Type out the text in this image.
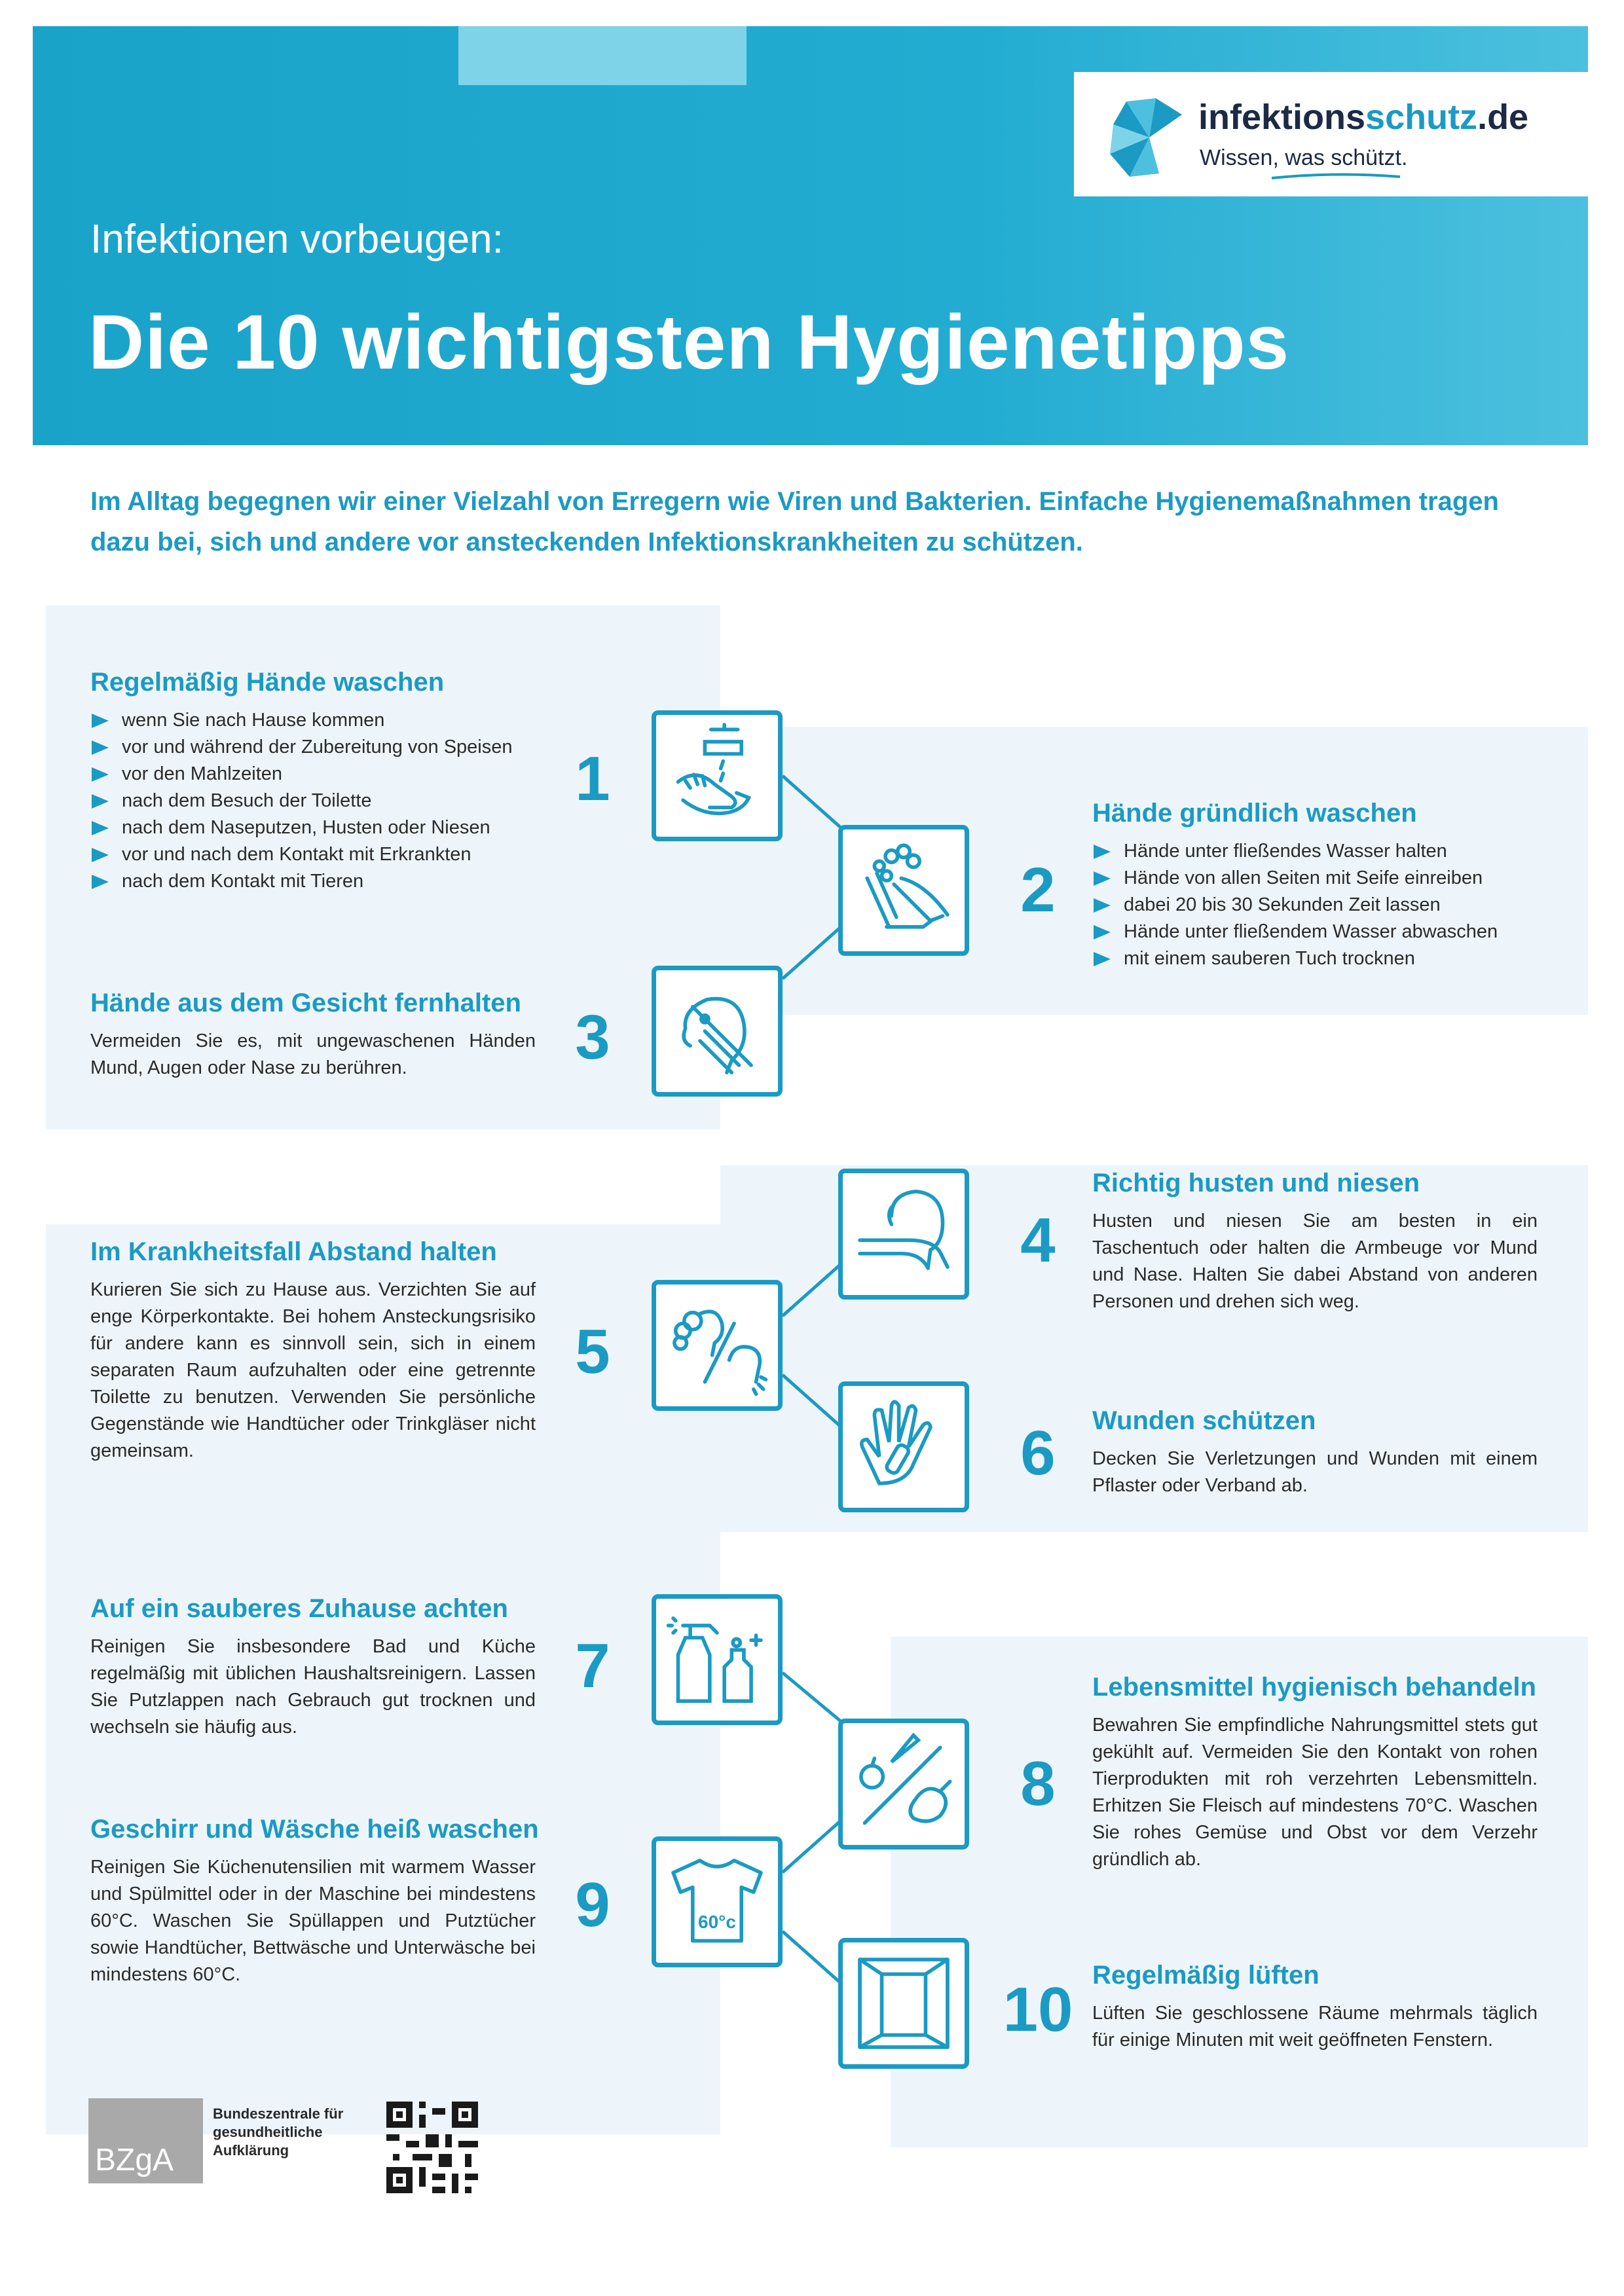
infektionsschutz.de
Wissen, was schützt.
Infektionen vorbeugen:
Die 10 wichtigsten Hygienetipps
Im Alltag begegnen wir einer Vielzahl von Erregern wie Viren und Bakterien. Einfache Hygienemaßnahmen tragen dazu bei, sich und andere vor ansteckenden Infektionskrankheiten zu schützen.
Regelmäßig Hände waschen
wenn Sie nach Hause kommen
vor und während der Zubereitung von Speisen
vor den Mahlzeiten
nach dem Besuch der Toilette
nach dem Naseputzen, Husten oder Niesen
vor und nach dem Kontakt mit Erkrankten
nach dem Kontakt mit Tieren
1
2
Hände gründlich waschen
Hände unter fließendes Wasser halten
Hände von allen Seiten mit Seife einreiben
dabei 20 bis 30 Sekunden Zeit lassen
Hände unter fließendem Wasser abwaschen
mit einem sauberen Tuch trocknen
Hände aus dem Gesicht fernhalten
Vermeiden Sie es, mit ungewaschenen Händen Mund, Augen oder Nase zu berühren.	3
4
Richtig husten und niesen
Husten und niesen Sie am besten in ein Taschentuch oder halten die Armbeuge vor Mund und Nase. Halten Sie dabei Abstand von anderen Personen und drehen sich weg.
Im Krankheitsfall Abstand halten
Kurieren Sie sich zu Hause aus. Verzichten Sie auf enge Körperkontakte. Bei hohem Ansteckungsrisiko für andere kann es sinnvoll sein, sich in einem separaten Raum aufzuhalten oder eine getrennte Toilette zu benutzen. Verwenden Sie persönliche Gegenstände wie Handtücher oder Trinkgläser nicht gemeinsam.
5
6	Wunden schützen
Decken Sie Verletzungen und Wunden mit einem Pflaster oder Verband ab.
Auf ein sauberes Zuhause achten
Reinigen Sie insbesondere Bad und Küche regelmäßig mit üblichen Haushaltsreinigern. Lassen Sie Putzlappen nach Gebrauch gut trocknen und wechseln sie häufig aus.
7
8
Lebensmittel hygienisch behandeln
Bewahren Sie empfindliche Nahrungsmittel stets gut gekühlt auf. Vermeiden Sie den Kontakt von rohen Tierprodukten mit roh verzehrten Lebensmitteln. Erhitzen Sie Fleisch auf mindestens 70°C. Waschen Sie rohes Gemüse und Obst vor dem Verzehr gründlich ab.
Geschirr und Wäsche heiß waschen
Reinigen Sie Küchenutensilien mit warmem Wasser und Spülmittel oder in der Maschine bei mindestens 60°C. Waschen Sie Spüllappen und Putztücher sowie Handtücher, Bettwäsche und Unterwäsche bei mindestens 60°C.
9	60°c
10 Regelmäßig lüften
Lüften Sie geschlossene Räume mehrmals täglich für einige Minuten mit weit geöffneten Fenstern.
BZgA
Bundeszentrale für gesundheitliche Aufklärung
